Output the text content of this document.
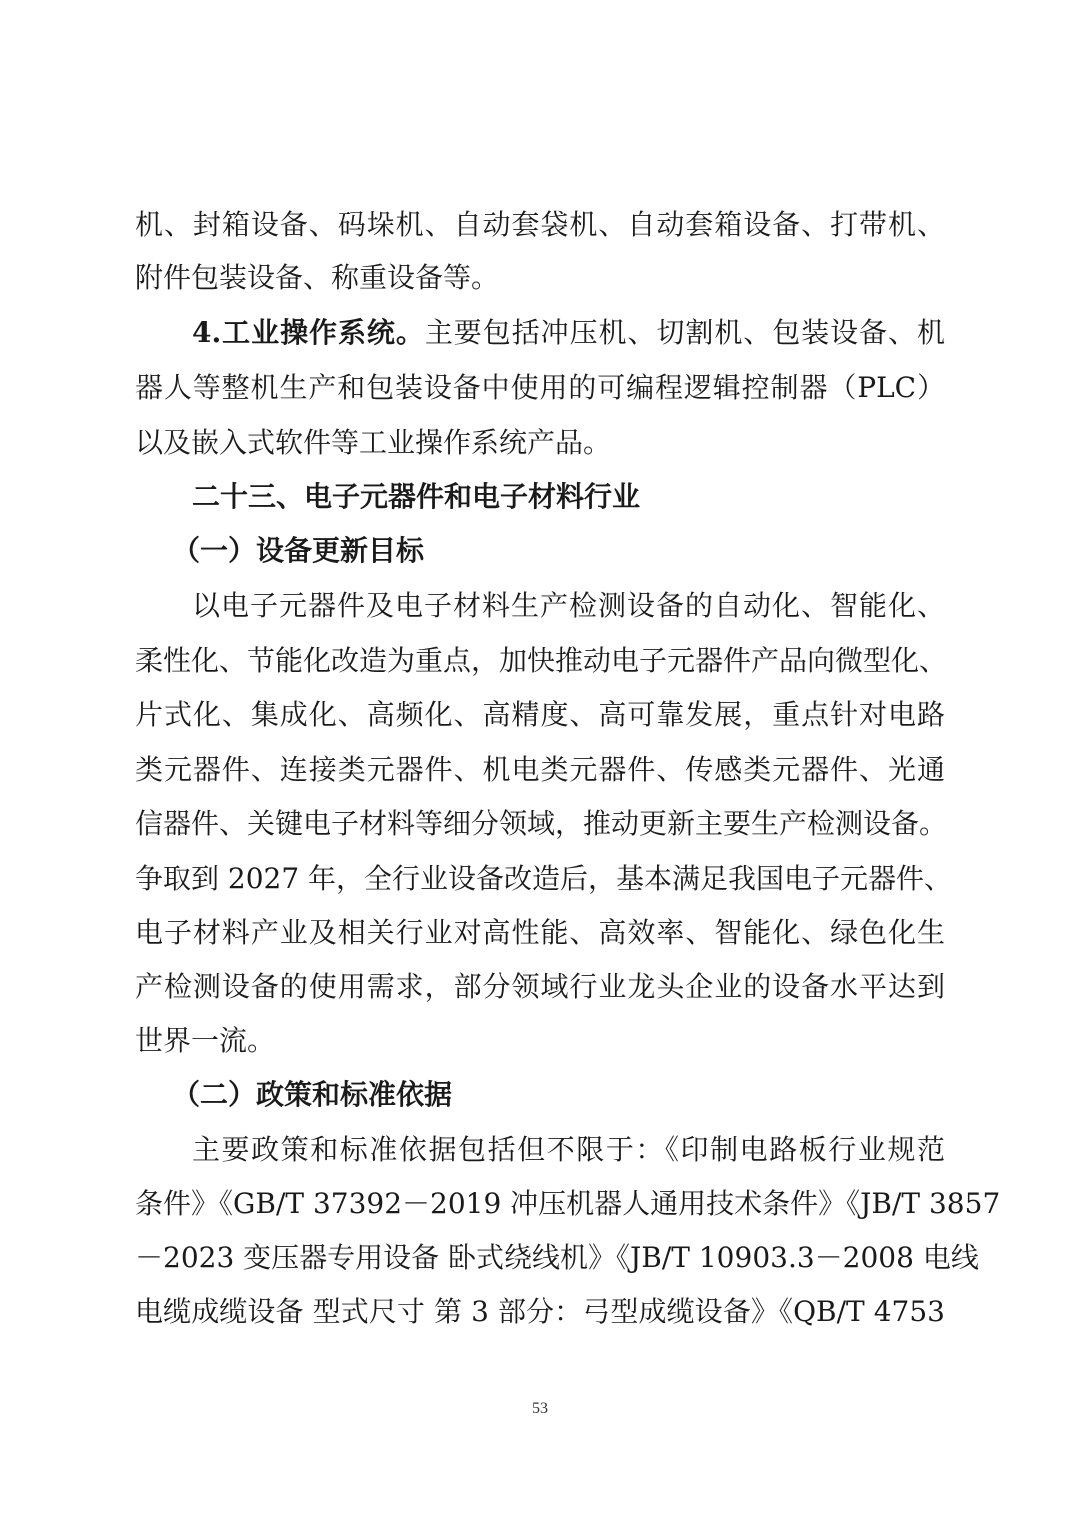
机、封箱设备、码垛机、自动套袋机、自动套箱设备、打带机、
附件包装设备、称重设备等。
4.工业操作系统。主要包括冲压机、切割机、包装设备、机
器人等整机生产和包装设备中使用的可编程逻辑控制器（PLC）
以及嵌入式软件等工业操作系统产品。
二十三、电子元器件和电子材料行业
（一）设备更新目标
以电子元器件及电子材料生产检测设备的自动化、智能化、
柔性化、节能化改造为重点，加快推动电子元器件产品向微型化、
片式化、集成化、高频化、高精度、高可靠发展，重点针对电路
类元器件、连接类元器件、机电类元器件、传感类元器件、光通
信器件、关键电子材料等细分领域，推动更新主要生产检测设备。
争取到 2027 年，全行业设备改造后，基本满足我国电子元器件、
电子材料产业及相关行业对高性能、高效率、智能化、绿色化生
产检测设备的使用需求，部分领域行业龙头企业的设备水平达到
世界一流。
（二）政策和标准依据
主要政策和标准依据包括但不限于：《印制电路板行业规范
条件》《GB/T 37392－2019 冲压机器人通用技术条件》《JB/T 3857
－2023 变压器专用设备 卧式绕线机》《JB/T 10903.3－2008 电线
电缆成缆设备 型式尺寸 第 3 部分：弓型成缆设备》《QB/T 4753
53
